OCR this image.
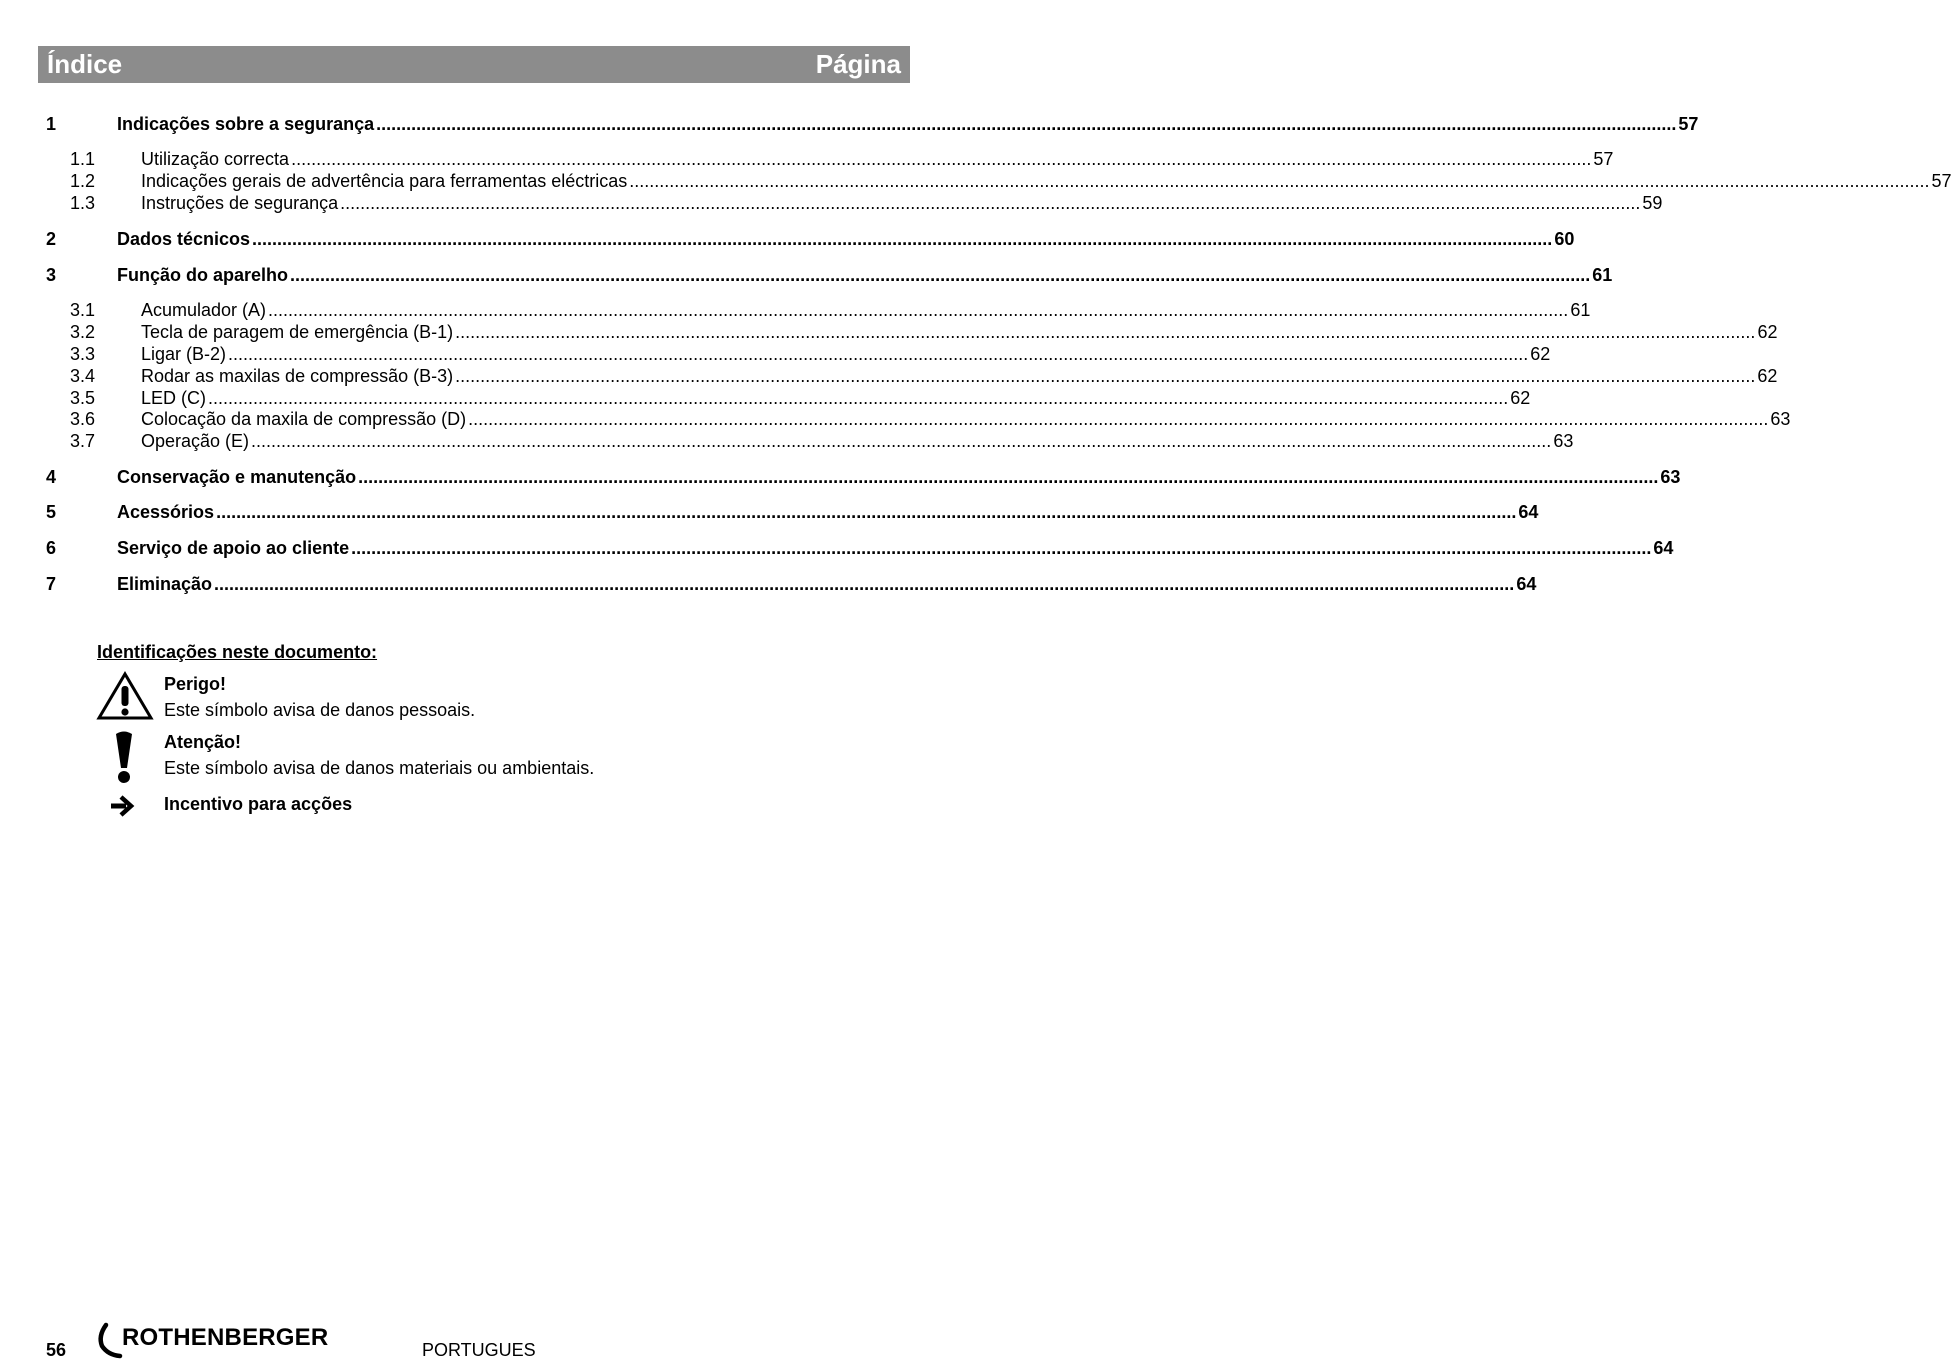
Índice	Página
1	Indicações sobre a segurança .................................................................................................................................................................................................................................................................... 57
1.1	Utilização correcta .................................................................................................................................................................................................................................................................... 57
1.2	Indicações gerais de advertência para ferramentas eléctricas .................................................................................................................................................................................................................................................................... 57
1.3	Instruções de segurança .................................................................................................................................................................................................................................................................... 59
2	Dados técnicos .................................................................................................................................................................................................................................................................... 60
3	Função do aparelho .................................................................................................................................................................................................................................................................... 61
3.1	Acumulador (A) .................................................................................................................................................................................................................................................................... 61
3.2	Tecla de paragem de emergência (B-1) .................................................................................................................................................................................................................................................................... 62
3.3	Ligar (B-2) .................................................................................................................................................................................................................................................................... 62
3.4	Rodar as maxilas de compressão (B-3) .................................................................................................................................................................................................................................................................... 62
3.5	LED (C) .................................................................................................................................................................................................................................................................... 62
3.6	Colocação da maxila de compressão (D) .................................................................................................................................................................................................................................................................... 63
3.7	Operação (E) .................................................................................................................................................................................................................................................................... 63
4	Conservação e manutenção .................................................................................................................................................................................................................................................................... 63
5	Acessórios .................................................................................................................................................................................................................................................................... 64
6	Serviço de apoio ao cliente .................................................................................................................................................................................................................................................................... 64
7	Eliminação .................................................................................................................................................................................................................................................................... 64
Identificações neste documento:
Perigo!
Este símbolo avisa de danos pessoais.
Atenção!
Este símbolo avisa de danos materiais ou ambientais.
Incentivo para acções
56 ROTHENBERGER	PORTUGUES
